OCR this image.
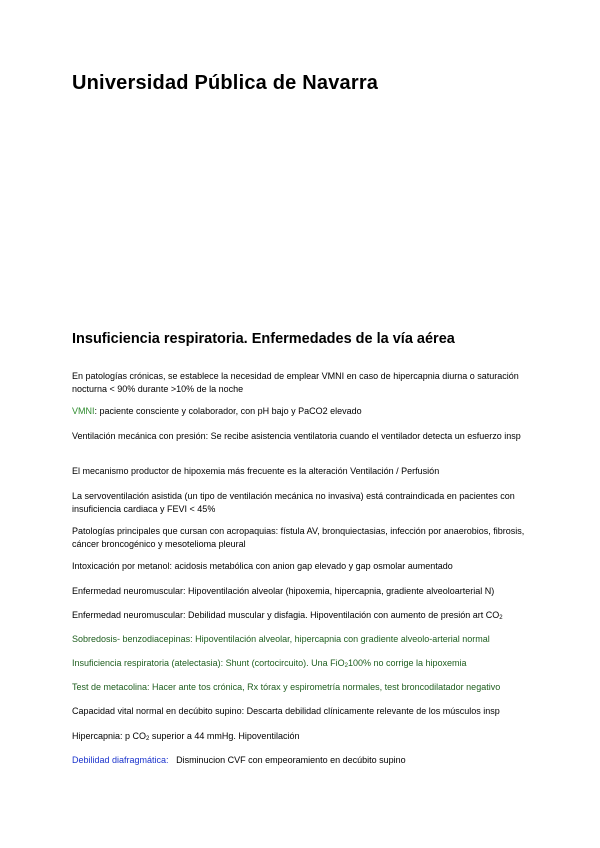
Universidad Pública de Navarra
Insuficiencia respiratoria. Enfermedades de la vía aérea
En patologías crónicas, se establece la necesidad de emplear VMNI en caso de hipercapnia diurna o saturación nocturna < 90% durante >10% de la noche
VMNI: paciente consciente y colaborador, con pH bajo y PaCO2 elevado
Ventilación mecánica con presión: Se recibe asistencia ventilatoria cuando el ventilador detecta un esfuerzo insp
El mecanismo productor de hipoxemia más frecuente es la alteración Ventilación / Perfusión
La servoventilación asistida (un tipo de ventilación mecánica no invasiva) está contraindicada en pacientes con insuficiencia cardiaca y FEVI < 45%
Patologías principales que cursan con acropaquias: fístula AV, bronquiectasias, infección por anaerobios, fibrosis, cáncer broncogénico y mesotelioma pleural
Intoxicación por metanol: acidosis metabólica con anion gap elevado y gap osmolar aumentado
Enfermedad neuromuscular: Hipoventilación alveolar (hipoxemia, hipercapnia, gradiente alveoloarterial N)
Enfermedad neuromuscular: Debilidad muscular y disfagia. Hipoventilación con aumento de presión art $CO_2$
Sobredosis- benzodiacepinas: Hipoventilación alveolar, hipercapnia con gradiente alveolo-arterial normal
Insuficiencia respiratoria (atelectasia): Shunt (cortocircuito). Una FiO$_2$100% no corrige la hipoxemia
Test de metacolina: Hacer ante tos crónica, Rx tórax y espirometría normales, test broncodilatador negativo
Capacidad vital normal en decúbito supino: Descarta debilidad clínicamente relevante de los músculos insp
Hipercapnia: p $CO_2$ superior a 44 mmHg. Hipoventilación
Debilidad diafragmática:   Disminucion CVF con empeoramiento en decúbito supino
